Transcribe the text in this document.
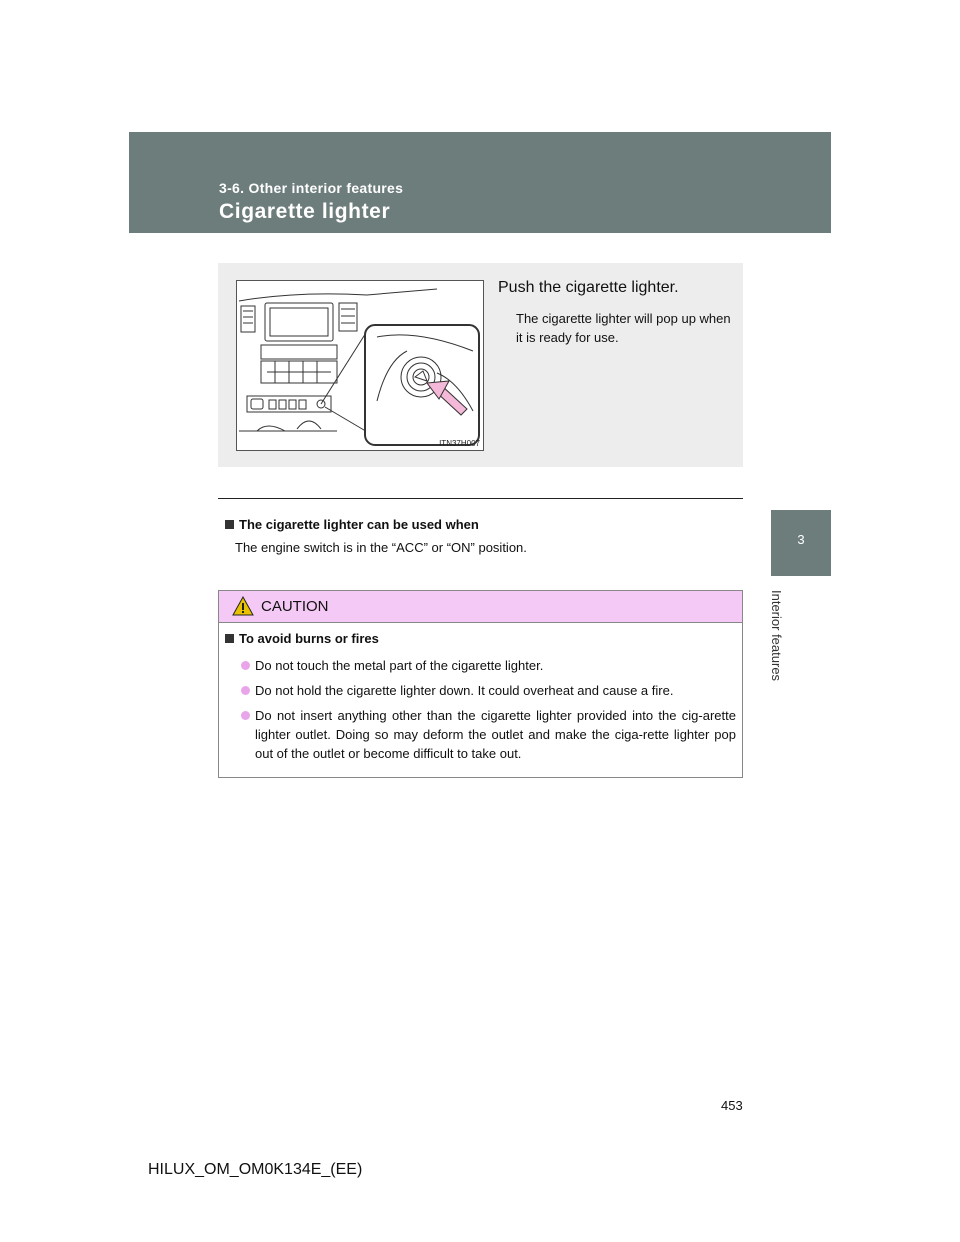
3-6. Other interior features
Cigarette lighter
3
Interior features
ITN37H007
Push the cigarette lighter.
The cigarette lighter will pop up when it is ready for use.
The cigarette lighter can be used when
The engine switch is in the “ACC” or “ON” position.
CAUTION
To avoid burns or fires
Do not touch the metal part of the cigarette lighter.
Do not hold the cigarette lighter down. It could overheat and cause a fire.
Do not insert anything other than the cigarette lighter provided into the cig-arette lighter outlet. Doing so may deform the outlet and make the ciga-rette lighter pop out of the outlet or become difficult to take out.
453
HILUX_OM_OM0K134E_(EE)
